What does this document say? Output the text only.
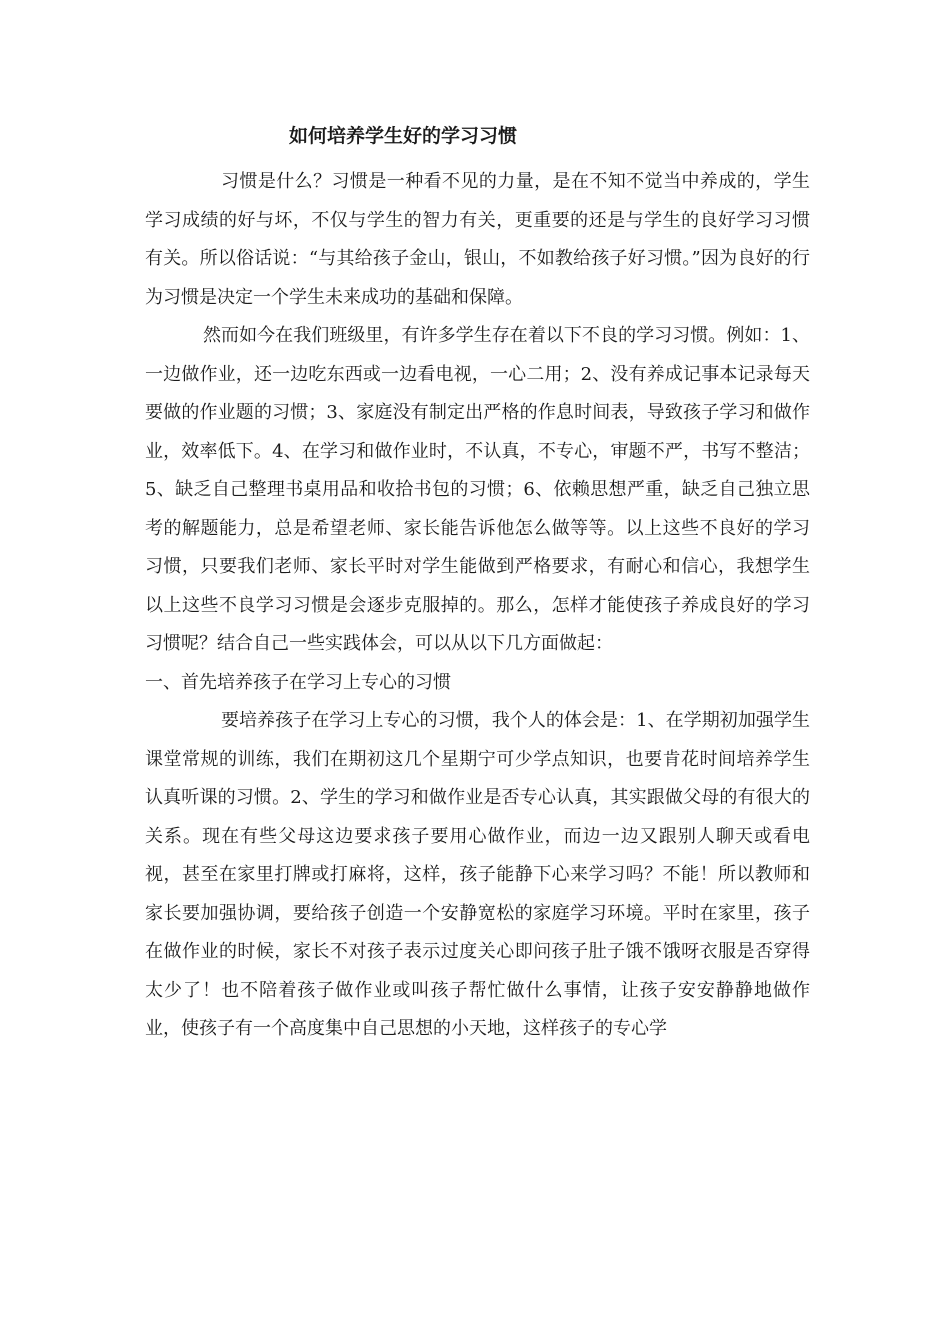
如何培养学生好的学习习惯

习惯是什么？习惯是一种看不见的力量，是在不知不觉当中养成的，学生学习成绩的好与坏，不仅与学生的智力有关，更重要的还是与学生的良好学习习惯有关。所以俗话说：“与其给孩子金山，银山，不如教给孩子好习惯。”因为良好的行为习惯是决定一个学生未来成功的基础和保障。

然而如今在我们班级里，有许多学生存在着以下不良的学习习惯。例如：1、一边做作业，还一边吃东西或一边看电视，一心二用；2、没有养成记事本记录每天要做的作业题的习惯；3、家庭没有制定出严格的作息时间表，导致孩子学习和做作业，效率低下。4、在学习和做作业时，不认真，不专心，审题不严，书写不整洁；5、缺乏自己整理书桌用品和收拾书包的习惯；6、依赖思想严重，缺乏自己独立思考的解题能力，总是希望老师、家长能告诉他怎么做等等。以上这些不良好的学习习惯，只要我们老师、家长平时对学生能做到严格要求，有耐心和信心，我想学生以上这些不良学习习惯是会逐步克服掉的。那么，怎样才能使孩子养成良好的学习习惯呢？结合自己一些实践体会，可以从以下几方面做起：

一、首先培养孩子在学习上专心的习惯

要培养孩子在学习上专心的习惯，我个人的体会是：1、在学期初加强学生课堂常规的训练，我们在期初这几个星期宁可少学点知识，也要肯花时间培养学生认真听课的习惯。2、学生的学习和做作业是否专心认真，其实跟做父母的有很大的关系。现在有些父母这边要求孩子要用心做作业，而边一边又跟别人聊天或看电视，甚至在家里打牌或打麻将，这样，孩子能静下心来学习吗？不能！所以教师和家长要加强协调，要给孩子创造一个安静宽松的家庭学习环境。平时在家里，孩子在做作业的时候，家长不对孩子表示过度关心即问孩子肚子饿不饿呀衣服是否穿得太少了！也不陪着孩子做作业或叫孩子帮忙做什么事情，让孩子安安静静地做作业，使孩子有一个高度集中自己思想的小天地，这样孩子的专心学
